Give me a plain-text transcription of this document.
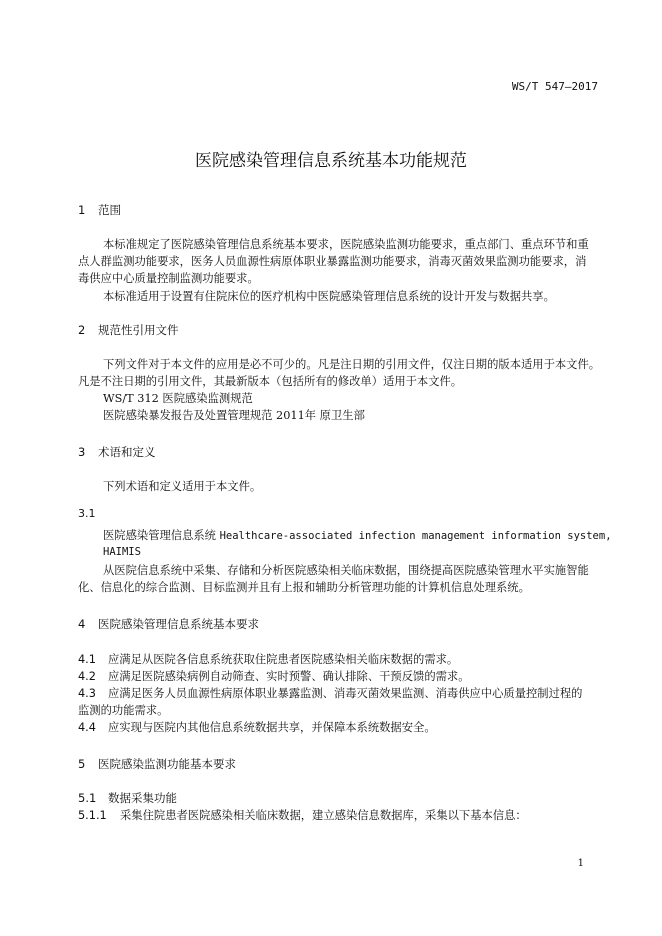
WS/T 547—2017
医院感染管理信息系统基本功能规范
1 范围
本标准规定了医院感染管理信息系统基本要求，医院感染监测功能要求，重点部门、重点环节和重
点人群监测功能要求，医务人员血源性病原体职业暴露监测功能要求，消毒灭菌效果监测功能要求，消
毒供应中心质量控制监测功能要求。
本标准适用于设置有住院床位的医疗机构中医院感染管理信息系统的设计开发与数据共享。
2 规范性引用文件
下列文件对于本文件的应用是必不可少的。凡是注日期的引用文件，仅注日期的版本适用于本文件。
凡是不注日期的引用文件，其最新版本（包括所有的修改单）适用于本文件。
WS/T 312 医院感染监测规范
医院感染暴发报告及处置管理规范 2011年 原卫生部
3 术语和定义
下列术语和定义适用于本文件。
3.1
医院感染管理信息系统 Healthcare-associated infection management information system,
HAIMIS
从医院信息系统中采集、存储和分析医院感染相关临床数据，围绕提高医院感染管理水平实施智能
化、信息化的综合监测、目标监测并且有上报和辅助分析管理功能的计算机信息处理系统。
4 医院感染管理信息系统基本要求
4.1 应满足从医院各信息系统获取住院患者医院感染相关临床数据的需求。
4.2 应满足医院感染病例自动筛查、实时预警、确认排除、干预反馈的需求。
4.3 应满足医务人员血源性病原体职业暴露监测、消毒灭菌效果监测、消毒供应中心质量控制过程的
监测的功能需求。
4.4 应实现与医院内其他信息系统数据共享，并保障本系统数据安全。
5 医院感染监测功能基本要求
5.1 数据采集功能
5.1.1 采集住院患者医院感染相关临床数据，建立感染信息数据库，采集以下基本信息：
1
